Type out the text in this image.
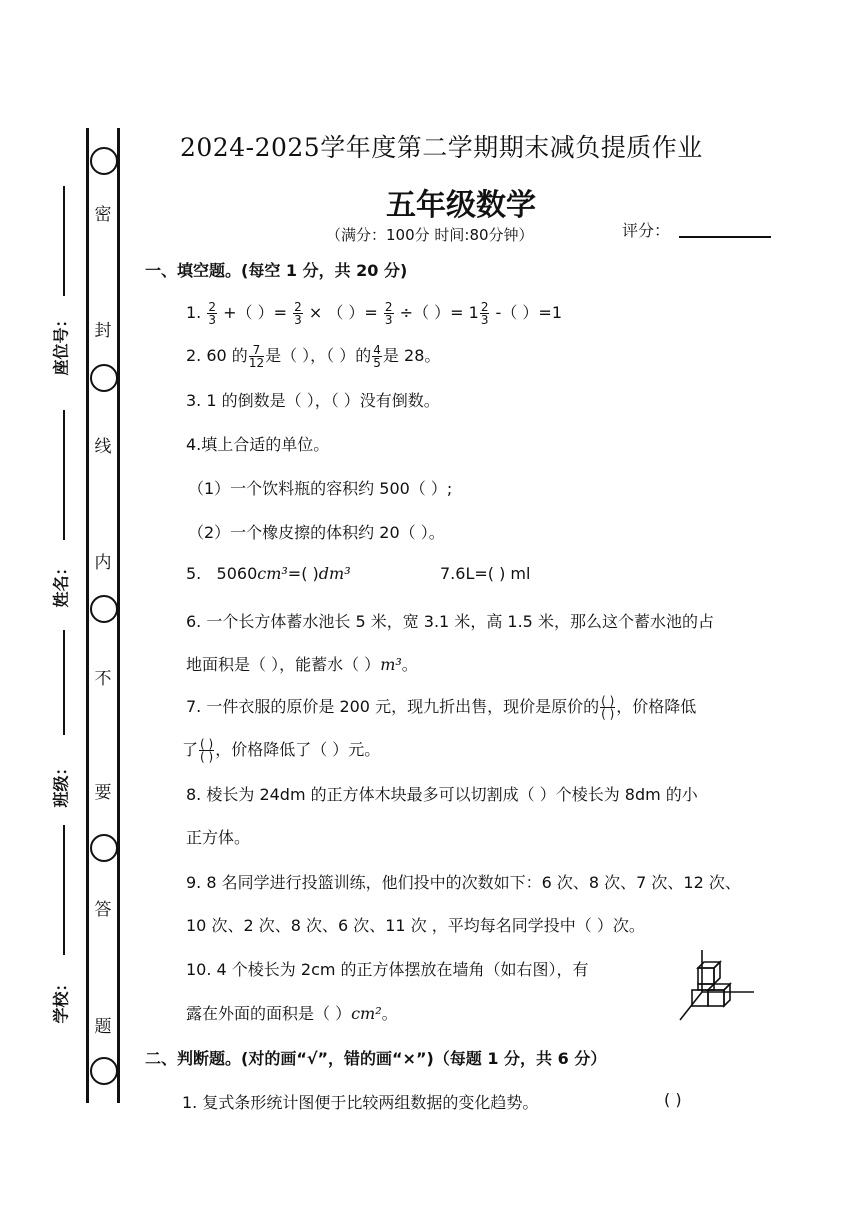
密
封
线
内
不
要
答
题
座位号：
姓名：
班级：
学校：
2024-2025学年度第二学期期末减负提质作业
五年级数学
（满分：100分 时间:80分钟）	评分：
一、填空题。(每空 1 分，共 20 分)
1. $\frac{2}{3}$ +（ ）= $\frac{2}{3}$ × （ ）= $\frac{2}{3}$ ÷（ ）= $1 \frac{2}{3}$ -（ ）=1
2. 60 的 $\frac{7}{12}$ 是（ ），（ ）的 $\frac{4}{5}$ 是 28。
3. 1 的倒数是（ ），（ ）没有倒数。
4.填上合适的单位。
（1）一个饮料瓶的容积约 500（ ）;
（2）一个橡皮擦的体积约 20（ ）。
5. 5060cm³=( )dm³	7.6L=( ) ml
6. 一个长方体蓄水池长 5 米，宽 3.1 米，高 1.5 米，那么这个蓄水池的占
地面积是（ ），能蓄水（ ）m³。
7. 一件衣服的原价是 200 元，现九折出售，现价是原价的 $\frac{( )}{( )}$ ，价格降低
了 $\frac{( )}{( )}$ ，价格降低了（ ）元。
8. 棱长为 24dm 的正方体木块最多可以切割成（ ）个棱长为 8dm 的小
正方体。
9. 8 名同学进行投篮训练，他们投中的次数如下：6 次、8 次、7 次、12 次、
10 次、2 次、8 次、6 次、11 次 ，平均每名同学投中（ ）次。
10. 4 个棱长为 2cm 的正方体摆放在墙角（如右图），有
露在外面的面积是（ ）cm²。
二、判断题。(对的画“√”，错的画“×”)（每题 1 分，共 6 分）
1. 复式条形统计图便于比较两组数据的变化趋势。	( )
